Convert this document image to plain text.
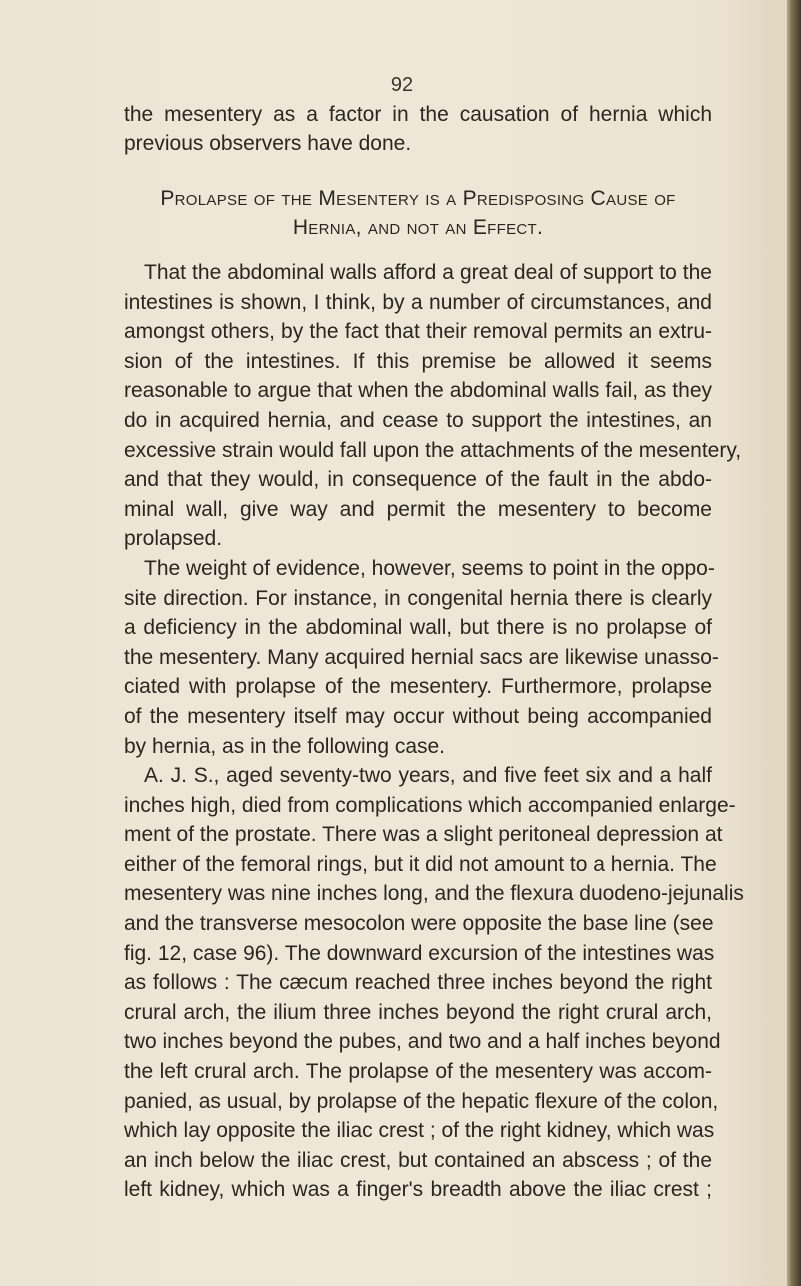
92
the mesentery as a factor in the causation of hernia which
previous observers have done.
Prolapse of the Mesentery is a Predisposing Cause of
Hernia, and not an Effect.
That the abdominal walls afford a great deal of support to the
intestines is shown, I think, by a number of circumstances, and
amongst others, by the fact that their removal permits an extru-
sion of the intestines. If this premise be allowed it seems
reasonable to argue that when the abdominal walls fail, as they
do in acquired hernia, and cease to support the intestines, an
excessive strain would fall upon the attachments of the mesentery,
and that they would, in consequence of the fault in the abdo-
minal wall, give way and permit the mesentery to become
prolapsed.
The weight of evidence, however, seems to point in the oppo-
site direction. For instance, in congenital hernia there is clearly
a deficiency in the abdominal wall, but there is no prolapse of
the mesentery. Many acquired hernial sacs are likewise unasso-
ciated with prolapse of the mesentery. Furthermore, prolapse
of the mesentery itself may occur without being accompanied
by hernia, as in the following case.
A. J. S., aged seventy-two years, and five feet six and a half
inches high, died from complications which accompanied enlarge-
ment of the prostate. There was a slight peritoneal depression at
either of the femoral rings, but it did not amount to a hernia. The
mesentery was nine inches long, and the flexura duodeno-jejunalis
and the transverse mesocolon were opposite the base line (see
fig. 12, case 96). The downward excursion of the intestines was
as follows : The cæcum reached three inches beyond the right
crural arch, the ilium three inches beyond the right crural arch,
two inches beyond the pubes, and two and a half inches beyond
the left crural arch. The prolapse of the mesentery was accom-
panied, as usual, by prolapse of the hepatic flexure of the colon,
which lay opposite the iliac crest ; of the right kidney, which was
an inch below the iliac crest, but contained an abscess ; of the
left kidney, which was a finger's breadth above the iliac crest ;
